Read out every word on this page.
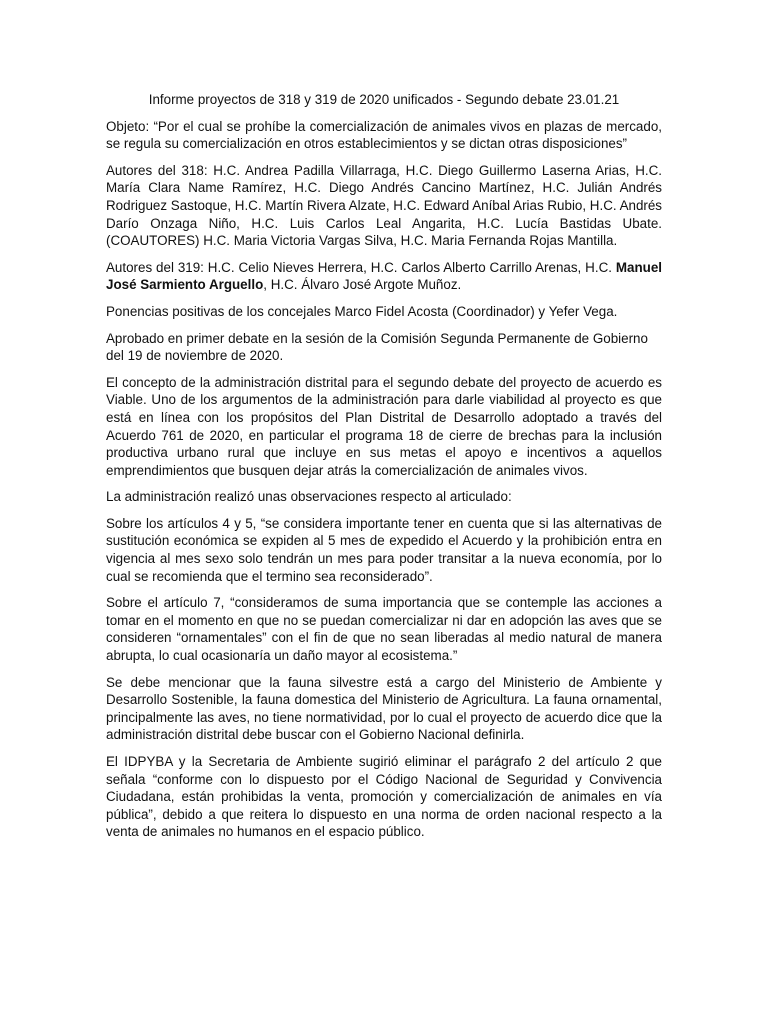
Informe proyectos de 318 y 319 de 2020 unificados - Segundo debate 23.01.21

Objeto: “Por el cual se prohíbe la comercialización de animales vivos en plazas de mercado, se regula su comercialización en otros establecimientos y se dictan otras disposiciones”

Autores del 318: H.C. Andrea Padilla Villarraga, H.C. Diego Guillermo Laserna Arias, H.C. María Clara Name Ramírez, H.C. Diego Andrés Cancino Martínez, H.C. Julián Andrés Rodriguez Sastoque, H.C. Martín Rivera Alzate, H.C. Edward Aníbal Arias Rubio, H.C. Andrés Darío Onzaga Niño, H.C. Luis Carlos Leal Angarita, H.C. Lucía Bastidas Ubate. (COAUTORES) H.C. Maria Victoria Vargas Silva, H.C. Maria Fernanda Rojas Mantilla.

Autores del 319: H.C. Celio Nieves Herrera, H.C. Carlos Alberto Carrillo Arenas, H.C. Manuel José Sarmiento Arguello, H.C. Álvaro José Argote Muñoz.

Ponencias positivas de los concejales Marco Fidel Acosta (Coordinador) y Yefer Vega.

Aprobado en primer debate en la sesión de la Comisión Segunda Permanente de Gobierno del 19 de noviembre de 2020.

El concepto de la administración distrital para el segundo debate del proyecto de acuerdo es Viable. Uno de los argumentos de la administración para darle viabilidad al proyecto es que está en línea con los propósitos del Plan Distrital de Desarrollo adoptado a través del Acuerdo 761 de 2020, en particular el programa 18 de cierre de brechas para la inclusión productiva urbano rural que incluye en sus metas el apoyo e incentivos a aquellos emprendimientos que busquen dejar atrás la comercialización de animales vivos.

La administración realizó unas observaciones respecto al articulado:

Sobre los artículos 4 y 5, “se considera importante tener en cuenta que si las alternativas de sustitución económica se expiden al 5 mes de expedido el Acuerdo y la prohibición entra en vigencia al mes sexo solo tendrán un mes para poder transitar a la nueva economía, por lo cual se recomienda que el termino sea reconsiderado”.

Sobre el artículo 7, “consideramos de suma importancia que se contemple las acciones a tomar en el momento en que no se puedan comercializar ni dar en adopción las aves que se consideren “ornamentales” con el fin de que no sean liberadas al medio natural de manera abrupta, lo cual ocasionaría un daño mayor al ecosistema.”

Se debe mencionar que la fauna silvestre está a cargo del Ministerio de Ambiente y Desarrollo Sostenible, la fauna domestica del Ministerio de Agricultura. La fauna ornamental, principalmente las aves, no tiene normatividad, por lo cual el proyecto de acuerdo dice que la administración distrital debe buscar con el Gobierno Nacional definirla.

El IDPYBA y la Secretaria de Ambiente sugirió eliminar el parágrafo 2 del artículo 2 que señala “conforme con lo dispuesto por el Código Nacional de Seguridad y Convivencia Ciudadana, están prohibidas la venta, promoción y comercialización de animales en vía pública”, debido a que reitera lo dispuesto en una norma de orden nacional respecto a la venta de animales no humanos en el espacio público.
